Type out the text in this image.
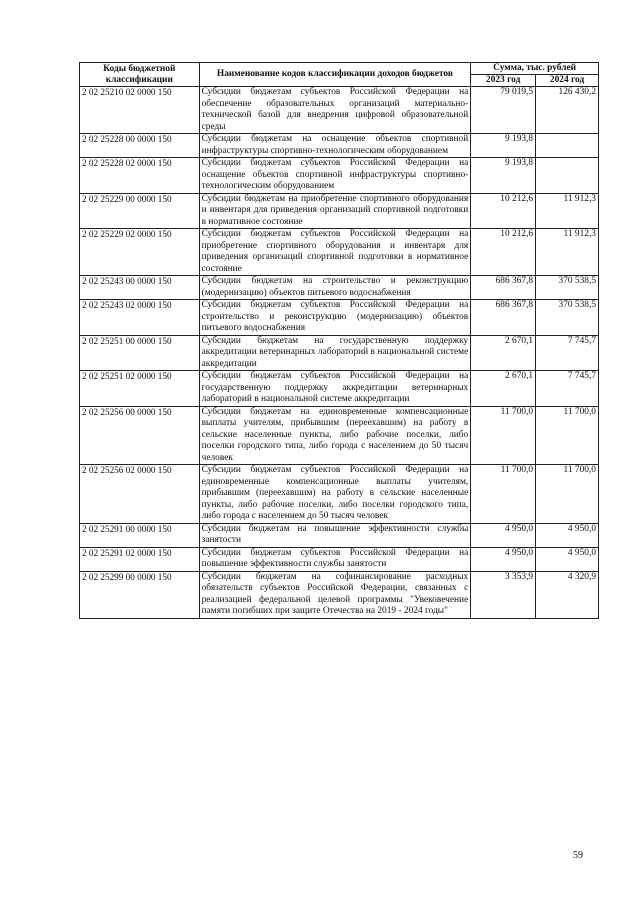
Коды бюджетной классификации	Наименование кодов классификации доходов бюджетов	Сумма, тыс. рублей	
		2023 год	2024 год
2 02 25210 02 0000 150	Субсидии бюджетам субъектов Российской Федерации на обеспечение образовательных организаций материально-технической базой для внедрения цифровой образовательной среды	79 019,5	126 430,2
2 02 25228 00 0000 150	Субсидии бюджетам на оснащение объектов спортивной инфраструктуры спортивно-технологическим оборудованием	9 193,8	
2 02 25228 02 0000 150	Субсидии бюджетам субъектов Российской Федерации на оснащение объектов спортивной инфраструктуры спортивно-технологическим оборудованием	9 193,8	
2 02 25229 00 0000 150	Субсидии бюджетам на приобретение спортивного оборудования и инвентаря для приведения организаций спортивной подготовки в нормативное состояние	10 212,6	11 912,3
2 02 25229 02 0000 150	Субсидии бюджетам субъектов Российской Федерации на приобретение спортивного оборудования и инвентаря для приведения организаций спортивной подготовки в нормативное состояние	10 212,6	11 912,3
2 02 25243 00 0000 150	Субсидии бюджетам на строительство и реконструкцию (модернизацию) объектов питьевого водоснабжения	686 367,8	370 538,5
2 02 25243 02 0000 150	Субсидии бюджетам субъектов Российской Федерации на строительство и реконструкцию (модернизацию) объектов питьевого водоснабжения	686 367,8	370 538,5
2 02 25251 00 0000 150	Субсидии бюджетам на государственную поддержку аккредитации ветеринарных лабораторий в национальной системе аккредитации	2 670,1	7 745,7
2 02 25251 02 0000 150	Субсидии бюджетам субъектов Российской Федерации на государственную поддержку аккредитации ветеринарных лабораторий в национальной системе аккредитации	2 670,1	7 745,7
2 02 25256 00 0000 150	Субсидии бюджетам на единовременные компенсационные выплаты учителям, прибывшим (переехавшим) на работу в сельские населенные пункты, либо рабочие поселки, либо поселки городского типа, либо города с населением до 50 тысяч человек	11 700,0	11 700,0
2 02 25256 02 0000 150	Субсидии бюджетам субъектов Российской Федерации на единовременные компенсационные выплаты учителям, прибывшим (переехавшим) на работу в сельские населенные пункты, либо рабочие поселки, либо поселки городского типа, либо города с населением до 50 тысяч человек	11 700,0	11 700,0
2 02 25291 00 0000 150	Субсидии бюджетам на повышение эффективности службы занятости	4 950,0	4 950,0
2 02 25291 02 0000 150	Субсидии бюджетам субъектов Российской Федерации на повышение эффективности службы занятости	4 950,0	4 950,0
2 02 25299 00 0000 150	Субсидии бюджетам на софинансирование расходных обязательств субъектов Российской Федерации, связанных с реализацией федеральной целевой программы "Увековечение памяти погибших при защите Отечества на 2019 - 2024 годы"	3 353,9	4 320,9
59
